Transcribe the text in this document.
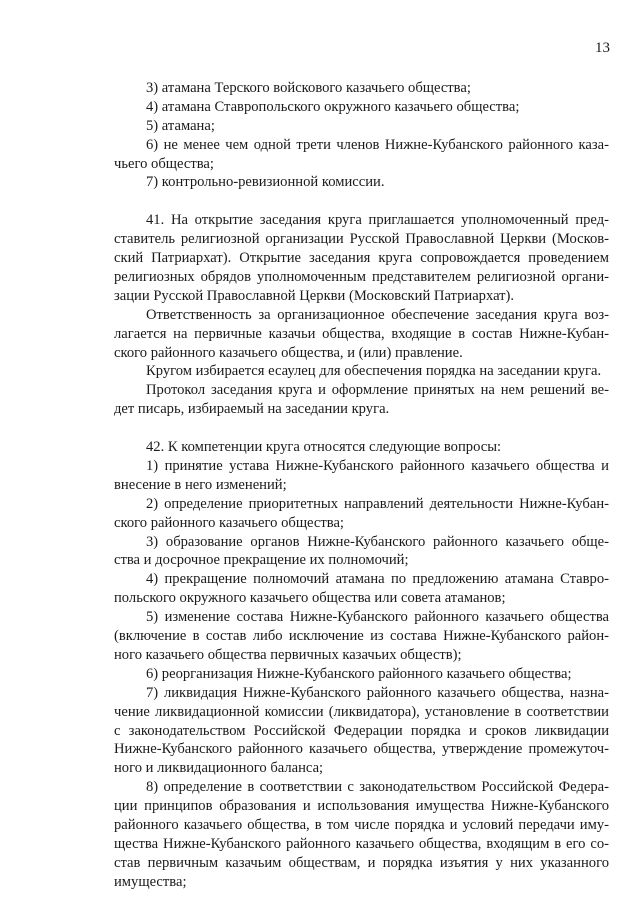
13
3) атамана Терского войскового казачьего общества;
4) атамана Ставропольского окружного казачьего общества;
5) атамана;
6) не менее чем одной трети членов Нижне-Кубанского районного каза-
чьего общества;
7) контрольно-ревизионной комиссии.
41. На открытие заседания круга приглашается уполномоченный пред-
ставитель религиозной организации Русской Православной Церкви (Москов-
ский Патриархат). Открытие заседания круга сопровождается проведением
религиозных обрядов уполномоченным представителем религиозной органи-
зации Русской Православной Церкви (Московский Патриархат).
Ответственность за организационное обеспечение заседания круга воз-
лагается на первичные казачьи общества, входящие в состав Нижне-Кубан-
ского районного казачьего общества, и (или) правление.
Кругом избирается есаулец для обеспечения порядка на заседании круга.
Протокол заседания круга и оформление принятых на нем решений ве-
дет писарь, избираемый на заседании круга.
42. К компетенции круга относятся следующие вопросы:
1) принятие устава Нижне-Кубанского районного казачьего общества и
внесение в него изменений;
2) определение приоритетных направлений деятельности Нижне-Кубан-
ского районного казачьего общества;
3) образование органов Нижне-Кубанского районного казачьего обще-
ства и досрочное прекращение их полномочий;
4) прекращение полномочий атамана по предложению атамана Ставро-
польского окружного казачьего общества или совета атаманов;
5) изменение состава Нижне-Кубанского районного казачьего общества
(включение в состав либо исключение из состава Нижне-Кубанского район-
ного казачьего общества первичных казачьих обществ);
6) реорганизация Нижне-Кубанского районного казачьего общества;
7) ликвидация Нижне-Кубанского районного казачьего общества, назна-
чение ликвидационной комиссии (ликвидатора), установление в соответствии
с законодательством Российской Федерации порядка и сроков ликвидации
Нижне-Кубанского районного казачьего общества, утверждение промежуточ-
ного и ликвидационного баланса;
8) определение в соответствии с законодательством Российской Федера-
ции принципов образования и использования имущества Нижне-Кубанского
районного казачьего общества, в том числе порядка и условий передачи иму-
щества Нижне-Кубанского районного казачьего общества, входящим в его со-
став первичным казачьим обществам, и порядка изъятия у них указанного
имущества;
